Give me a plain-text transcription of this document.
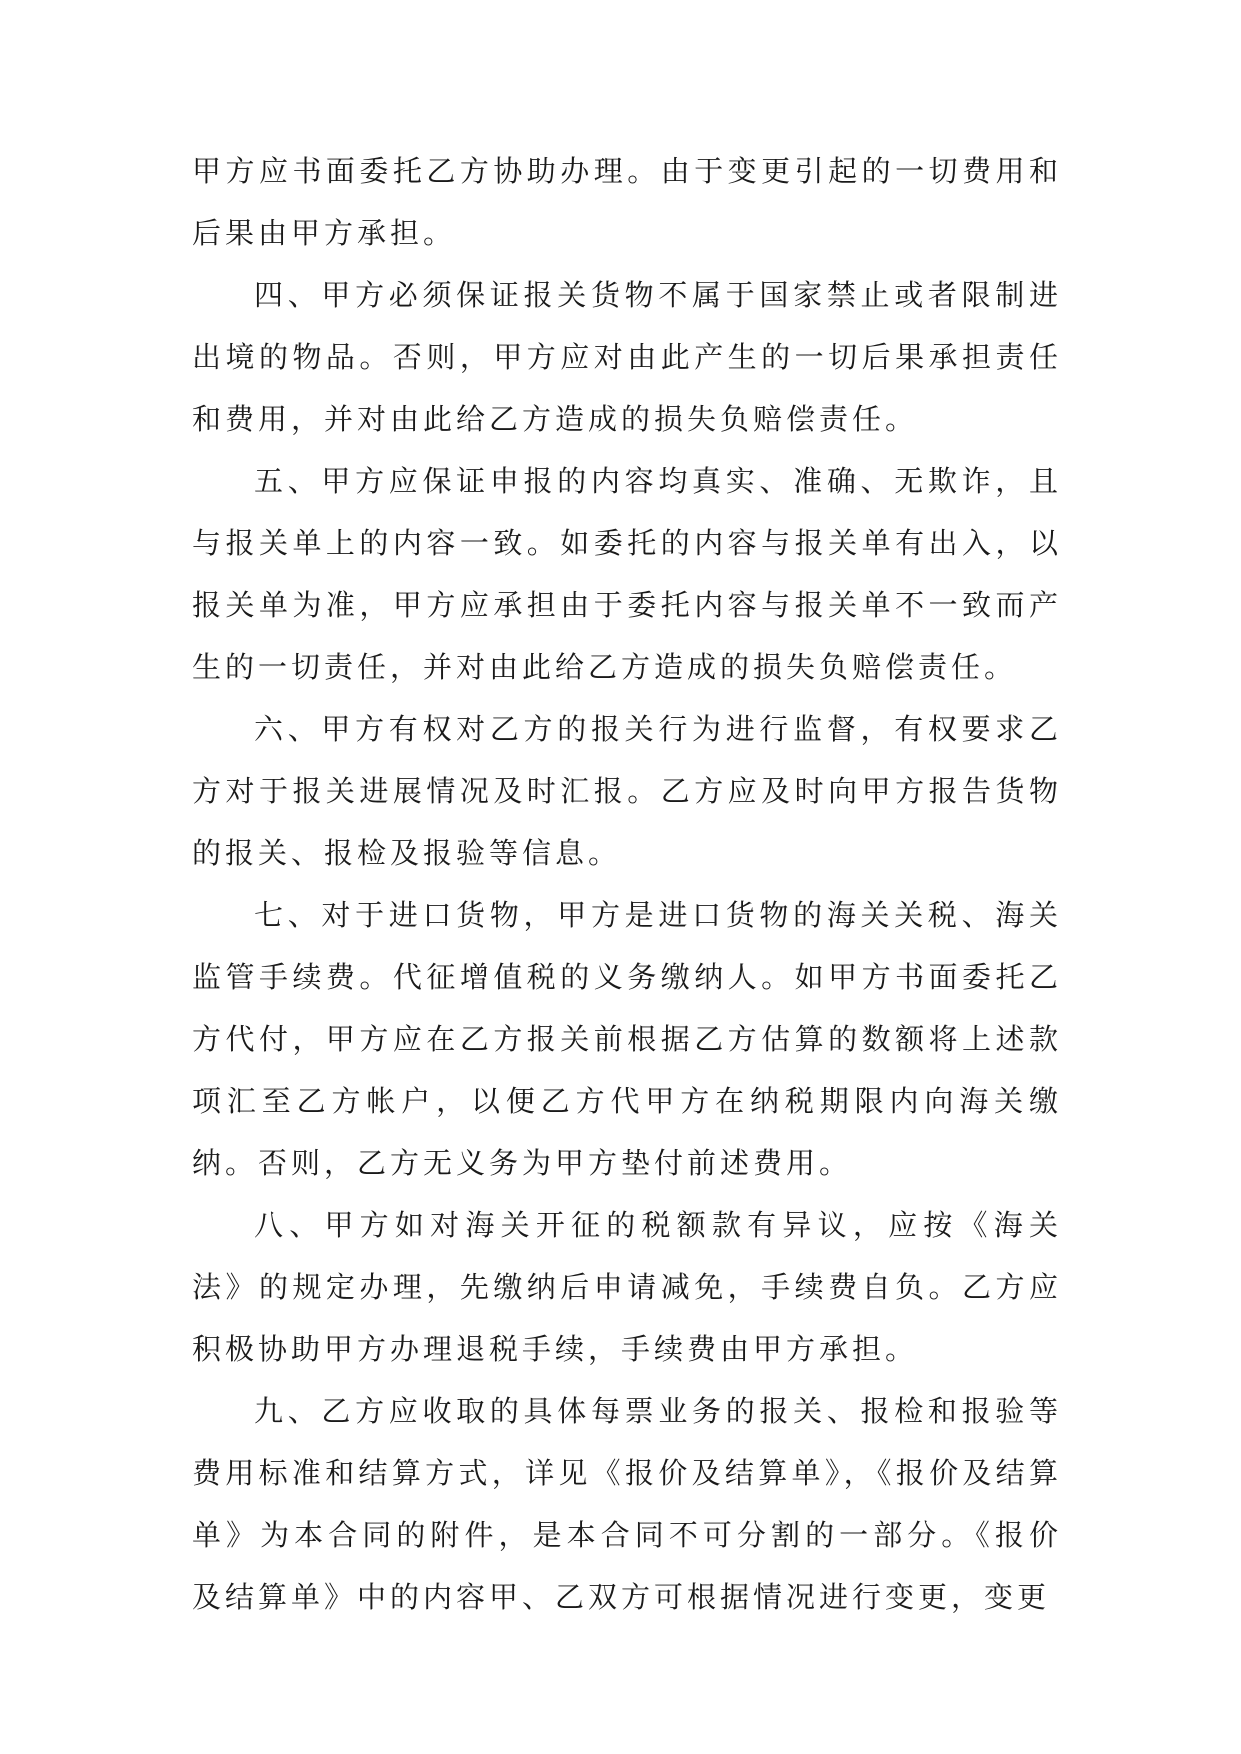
甲方应书面委托乙方协助办理。由于变更引起的一切费用和后果由甲方承担。

四、甲方必须保证报关货物不属于国家禁止或者限制进出境的物品。否则，甲方应对由此产生的一切后果承担责任和费用，并对由此给乙方造成的损失负赔偿责任。

五、甲方应保证申报的内容均真实、准确、无欺诈，且与报关单上的内容一致。如委托的内容与报关单有出入，以报关单为准，甲方应承担由于委托内容与报关单不一致而产生的一切责任，并对由此给乙方造成的损失负赔偿责任。

六、甲方有权对乙方的报关行为进行监督，有权要求乙方对于报关进展情况及时汇报。乙方应及时向甲方报告货物的报关、报检及报验等信息。

七、对于进口货物，甲方是进口货物的海关关税、海关监管手续费。代征增值税的义务缴纳人。如甲方书面委托乙方代付，甲方应在乙方报关前根据乙方估算的数额将上述款项汇至乙方帐户，以便乙方代甲方在纳税期限内向海关缴纳。否则，乙方无义务为甲方垫付前述费用。

八、甲方如对海关开征的税额款有异议，应按《海关法》的规定办理，先缴纳后申请减免，手续费自负。乙方应积极协助甲方办理退税手续，手续费由甲方承担。

九、乙方应收取的具体每票业务的报关、报检和报验等费用标准和结算方式，详见《报价及结算单》，《报价及结算单》为本合同的附件，是本合同不可分割的一部分。《报价及结算单》中的内容甲、乙双方可根据情况进行变更，变更
